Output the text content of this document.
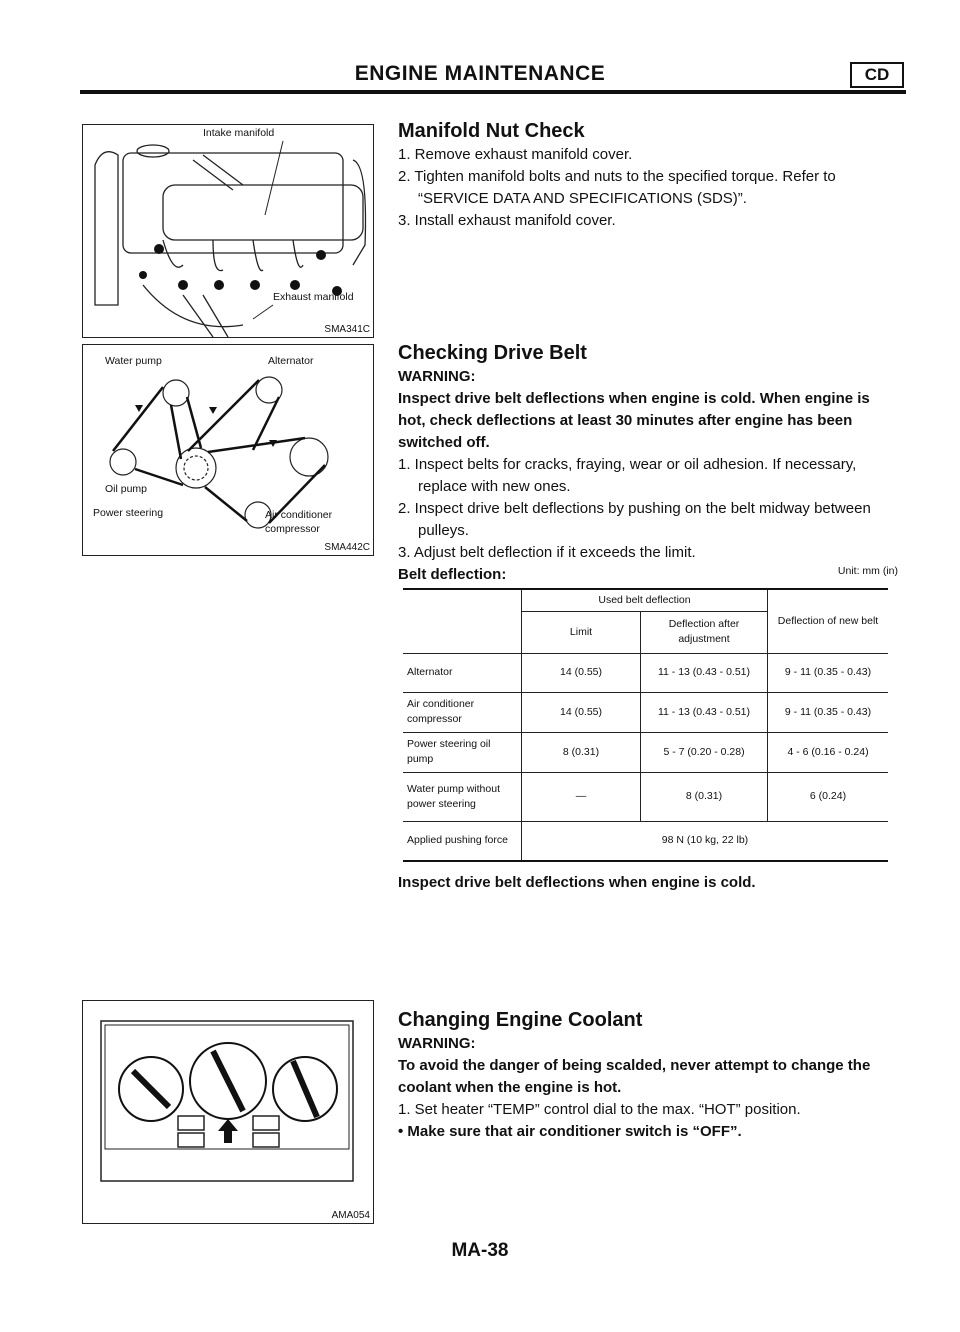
ENGINE MAINTENANCE	CD
Intake manifold
Exhaust manifold
SMA341C
Water pump	Alternator
Oil pump
Power steering	Air conditioner
compressor
SMA442C
AMA054
Manifold Nut Check
1. Remove exhaust manifold cover.
2. Tighten manifold bolts and nuts to the specified torque. Refer to “SERVICE DATA AND SPECIFICATIONS (SDS)”.
3. Install exhaust manifold cover.
Checking Drive Belt
WARNING:
Inspect drive belt deflections when engine is cold. When engine is hot, check deflections at least 30 minutes after engine has been switched off.
1. Inspect belts for cracks, fraying, wear or oil adhesion. If necessary, replace with new ones.
2. Inspect drive belt deflections by pushing on the belt midway between pulleys.
3. Adjust belt deflection if it exceeds the limit.
Belt deflection:	Unit: mm (in)
	Used belt deflection		Deflection of new belt
	Limit	Deflection after adjustment	
Alternator	14 (0.55)	11 - 13 (0.43 - 0.51)	9 - 11 (0.35 - 0.43)
Air conditioner compressor	14 (0.55)	11 - 13 (0.43 - 0.51)	9 - 11 (0.35 - 0.43)
Power steering oil pump	8 (0.31)	5 - 7 (0.20 - 0.28)	4 - 6 (0.16 - 0.24)
Water pump without power steering	—	8 (0.31)	6 (0.24)
Applied pushing force	98 N (10 kg, 22 lb)		
Inspect drive belt deflections when engine is cold.
Changing Engine Coolant
WARNING:
To avoid the danger of being scalded, never attempt to change the coolant when the engine is hot.
1. Set heater “TEMP” control dial to the max. “HOT” position.
• Make sure that air conditioner switch is “OFF”.
MA-38
